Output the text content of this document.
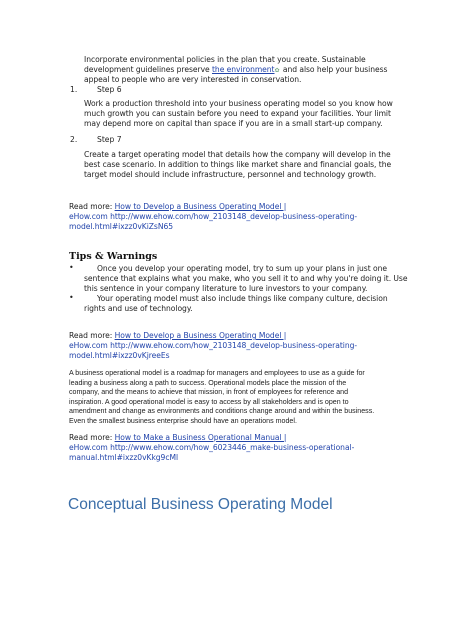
Incorporate environmental policies in the plan that you create. Sustainable
development guidelines preserve the environment✿ and also help your business
appeal to people who are very interested in conservation.
1.	Step 6
Work a production threshold into your business operating model so you know how
much growth you can sustain before you need to expand your facilities. Your limit
may depend more on capital than space if you are in a small start-up company.
2.	Step 7
Create a target operating model that details how the company will develop in the
best case scenario. In addition to things like market share and financial goals, the
target model should include infrastructure, personnel and technology growth.
Read more: How to Develop a Business Operating Model |
eHow.com http://www.ehow.com/how_2103148_develop-business-operating-
model.html#ixzz0vKiZsN65
Tips & Warnings
•	Once you develop your operating model, try to sum up your plans in just one
sentence that explains what you make, who you sell it to and why you're doing it. Use
this sentence in your company literature to lure investors to your company.
•	Your operating model must also include things like company culture, decision
rights and use of technology.
Read more: How to Develop a Business Operating Model |
eHow.com http://www.ehow.com/how_2103148_develop-business-operating-
model.html#ixzz0vKjreeEs
A business operational model is a roadmap for managers and employees to use as a guide for
leading a business along a path to success. Operational models place the mission of the
company, and the means to achieve that mission, in front of employees for reference and
inspiration. A good operational model is easy to access by all stakeholders and is open to
amendment and change as environments and conditions change around and within the business.
Even the smallest business enterprise should have an operations model.
Read more: How to Make a Business Operational Manual |
eHow.com http://www.ehow.com/how_6023446_make-business-operational-
manual.html#ixzz0vKkg9cMl
Conceptual Business Operating Model
